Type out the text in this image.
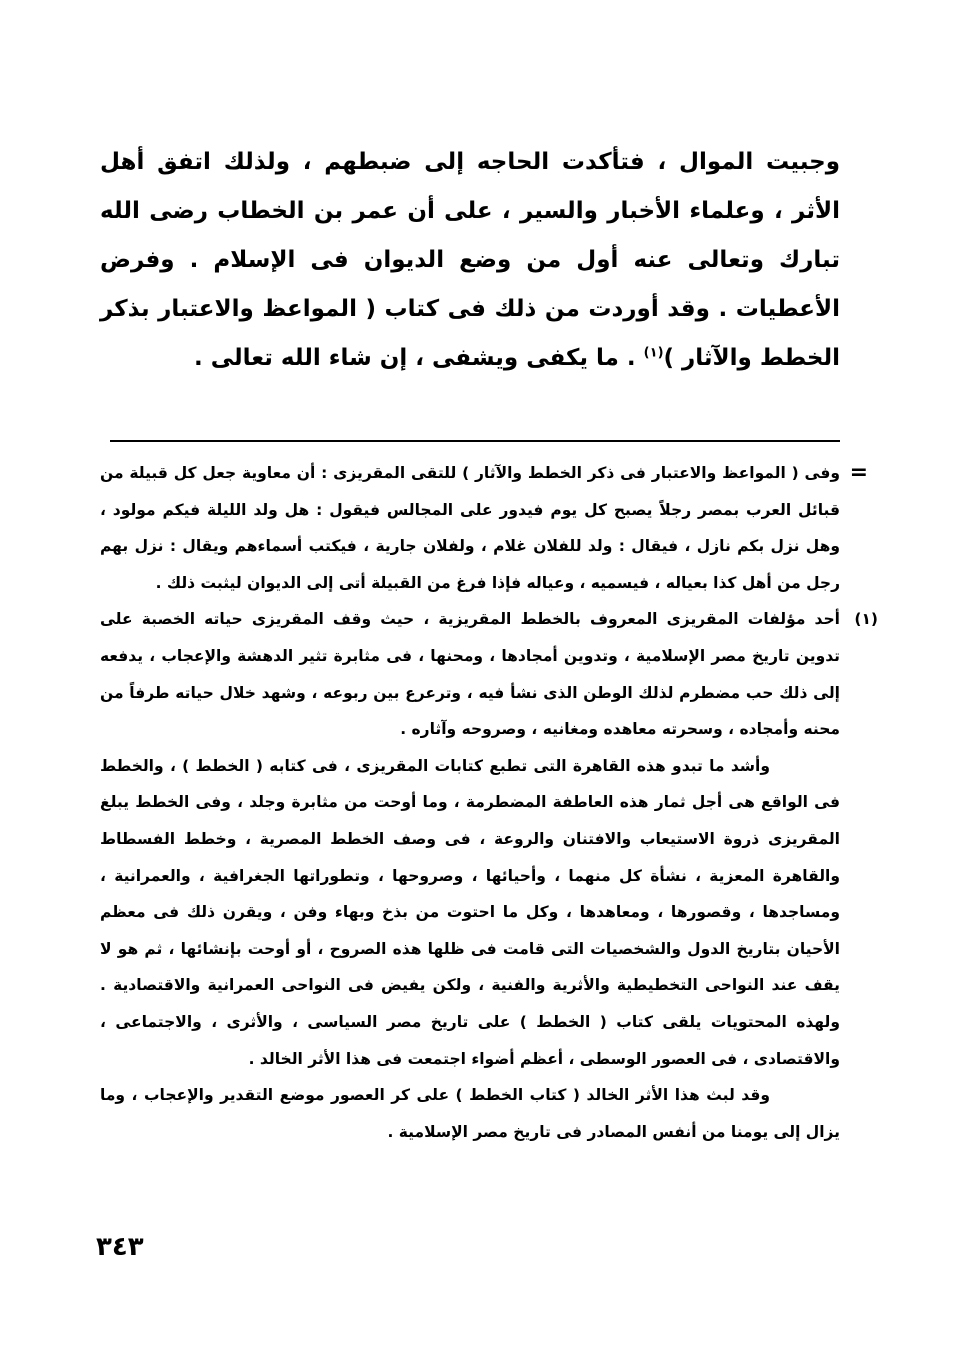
وجبيت الموال ، فتأكدت الحاجه إلى ضبطهم ، ولذلك اتفق أهل الأثر ، وعلماء الأخبار والسير ، على أن عمر بن الخطاب رضى الله تبارك وتعالى عنه أول من وضع الديوان فى الإسلام . وفرض الأعطيات . وقد أوردت من ذلك فى كتاب ( المواعظ والاعتبار بذكر الخطط والآثار )$^{(١)}$ . ما يكفى ويشفى ، إن شاء الله تعالى .

=
وفى ( المواعظ والاعتبار فى ذكر الخطط والآثار ) للتقى المقريزى : أن معاوية جعل كل قبيلة من قبائل العرب بمصر رجلاً يصبح كل يوم فيدور على المجالس فيقول : هل ولد الليلة فيكم مولود ، وهل نزل بكم نازل ، فيقال : ولد للفلان غلام ، ولفلان جارية ، فيكتب أسماءهم ويقال : نزل بهم رجل من أهل كذا بعياله ، فيسميه ، وعياله فإذا فرغ من القبيلة أتى إلى الديوان ليثبت ذلك .

(١)
أحد مؤلفات المقريزى المعروف بالخطط المقريزية ، حيث وقف المقريزى حياته الخصبة على تدوين تاريخ مصر الإسلامية ، وتدوين أمجادها ، ومحنها ، فى مثابرة تثير الدهشة والإعجاب ، يدفعه إلى ذلك حب مضطرم لذلك الوطن الذى نشأ فيه ، وترعرع بين ربوعه ، وشهد خلال حياته طرفاً من محنه وأمجاده ، وسحرته معاهده ومغانيه ، وصروحه وآثاره .

وأشد ما تبدو هذه القاهرة التى تطبع كتابات المقريزى ، فى كتابه ( الخطط ) ، والخطط فى الواقع هى أجل ثمار هذه العاطفة المضطرمة ، وما أوحت من مثابرة وجلد ، وفى الخطط يبلغ المقريزى ذروة الاستيعاب والافتنان والروعة ، فى وصف الخطط المصرية ، وخطط الفسطاط والقاهرة المعزية ، نشأة كل منهما ، وأحيائها ، وصروحها ، وتطوراتها الجغرافية ، والعمرانية ، ومساجدها ، وقصورها ، ومعاهدها ، وكل ما احتوت من بذخ وبهاء وفن ، ويقرن ذلك فى معظم الأحيان بتاريخ الدول والشخصيات التى قامت فى ظلها هذه الصروح ، أو أوحت بإنشائها ، ثم هو لا يقف عند النواحى التخطيطية والأثرية والفنية ، ولكن يفيض فى النواحى العمرانية والاقتصادية . ولهذه المحتويات يلقى كتاب ( الخطط ) على تاريخ مصر السياسى ، والأثرى ، والاجتماعى ، والاقتصادى ، فى العصور الوسطى ، أعظم أضواء اجتمعت فى هذا الأثر الخالد .

وقد لبث هذا الأثر الخالد ( كتاب الخطط ) على كر العصور موضع التقدير والإعجاب ، وما يزال إلى يومنا من أنفس المصادر فى تاريخ مصر الإسلامية .

٣٤٣
